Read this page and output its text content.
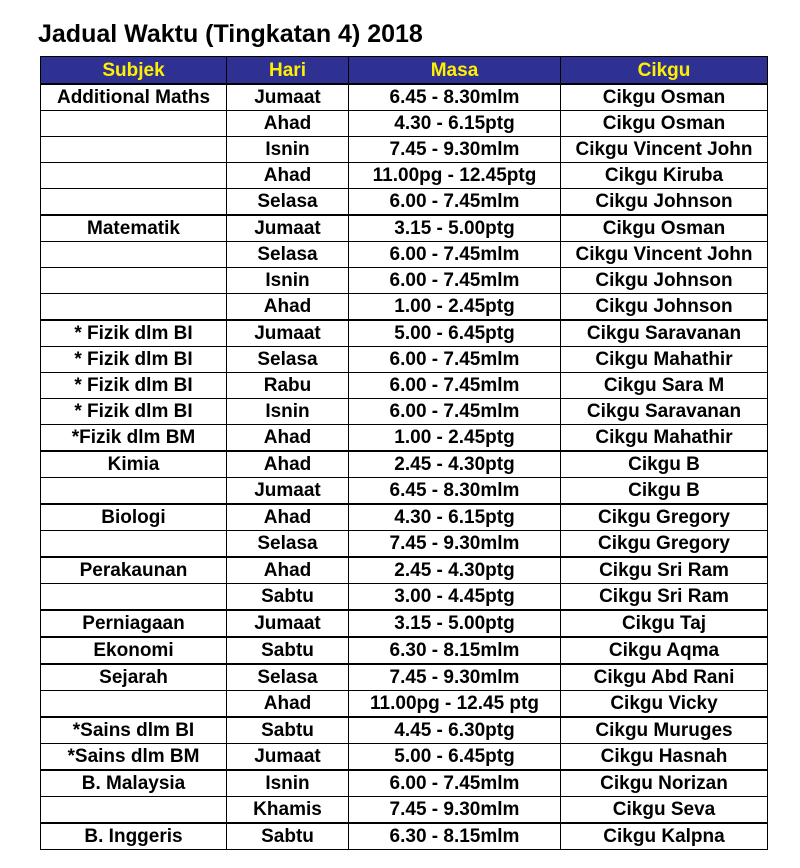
Jadual Waktu (Tingkatan 4) 2018
Subjek	Hari	Masa	Cikgu
Additional Maths	Jumaat	6.45 - 8.30mlm	Cikgu Osman
	Ahad	4.30 - 6.15ptg	Cikgu Osman
	Isnin	7.45 - 9.30mlm	Cikgu Vincent John
	Ahad	11.00pg - 12.45ptg	Cikgu Kiruba
	Selasa	6.00 - 7.45mlm	Cikgu Johnson
Matematik	Jumaat	3.15 - 5.00ptg	Cikgu Osman
	Selasa	6.00 - 7.45mlm	Cikgu Vincent John
	Isnin	6.00 - 7.45mlm	Cikgu Johnson
	Ahad	1.00 - 2.45ptg	Cikgu Johnson
* Fizik dlm BI	Jumaat	5.00 - 6.45ptg	Cikgu Saravanan
* Fizik dlm BI	Selasa	6.00 - 7.45mlm	Cikgu Mahathir
* Fizik dlm BI	Rabu	6.00 - 7.45mlm	Cikgu Sara M
* Fizik dlm BI	Isnin	6.00 - 7.45mlm	Cikgu Saravanan
*Fizik dlm BM	Ahad	1.00 - 2.45ptg	Cikgu Mahathir
Kimia	Ahad	2.45 - 4.30ptg	Cikgu B
	Jumaat	6.45 - 8.30mlm	Cikgu B
Biologi	Ahad	4.30 - 6.15ptg	Cikgu Gregory
	Selasa	7.45 - 9.30mlm	Cikgu Gregory
Perakaunan	Ahad	2.45 - 4.30ptg	Cikgu Sri Ram
	Sabtu	3.00 - 4.45ptg	Cikgu Sri Ram
Perniagaan	Jumaat	3.15 - 5.00ptg	Cikgu Taj
Ekonomi	Sabtu	6.30 - 8.15mlm	Cikgu Aqma
Sejarah	Selasa	7.45 - 9.30mlm	Cikgu Abd Rani
	Ahad	11.00pg - 12.45 ptg	Cikgu Vicky
*Sains dlm BI	Sabtu	4.45 - 6.30ptg	Cikgu Muruges
*Sains dlm BM	Jumaat	5.00 - 6.45ptg	Cikgu Hasnah
B. Malaysia	Isnin	6.00 - 7.45mlm	Cikgu Norizan
	Khamis	7.45 - 9.30mlm	Cikgu Seva
B. Inggeris	Sabtu	6.30 - 8.15mlm	Cikgu Kalpna
